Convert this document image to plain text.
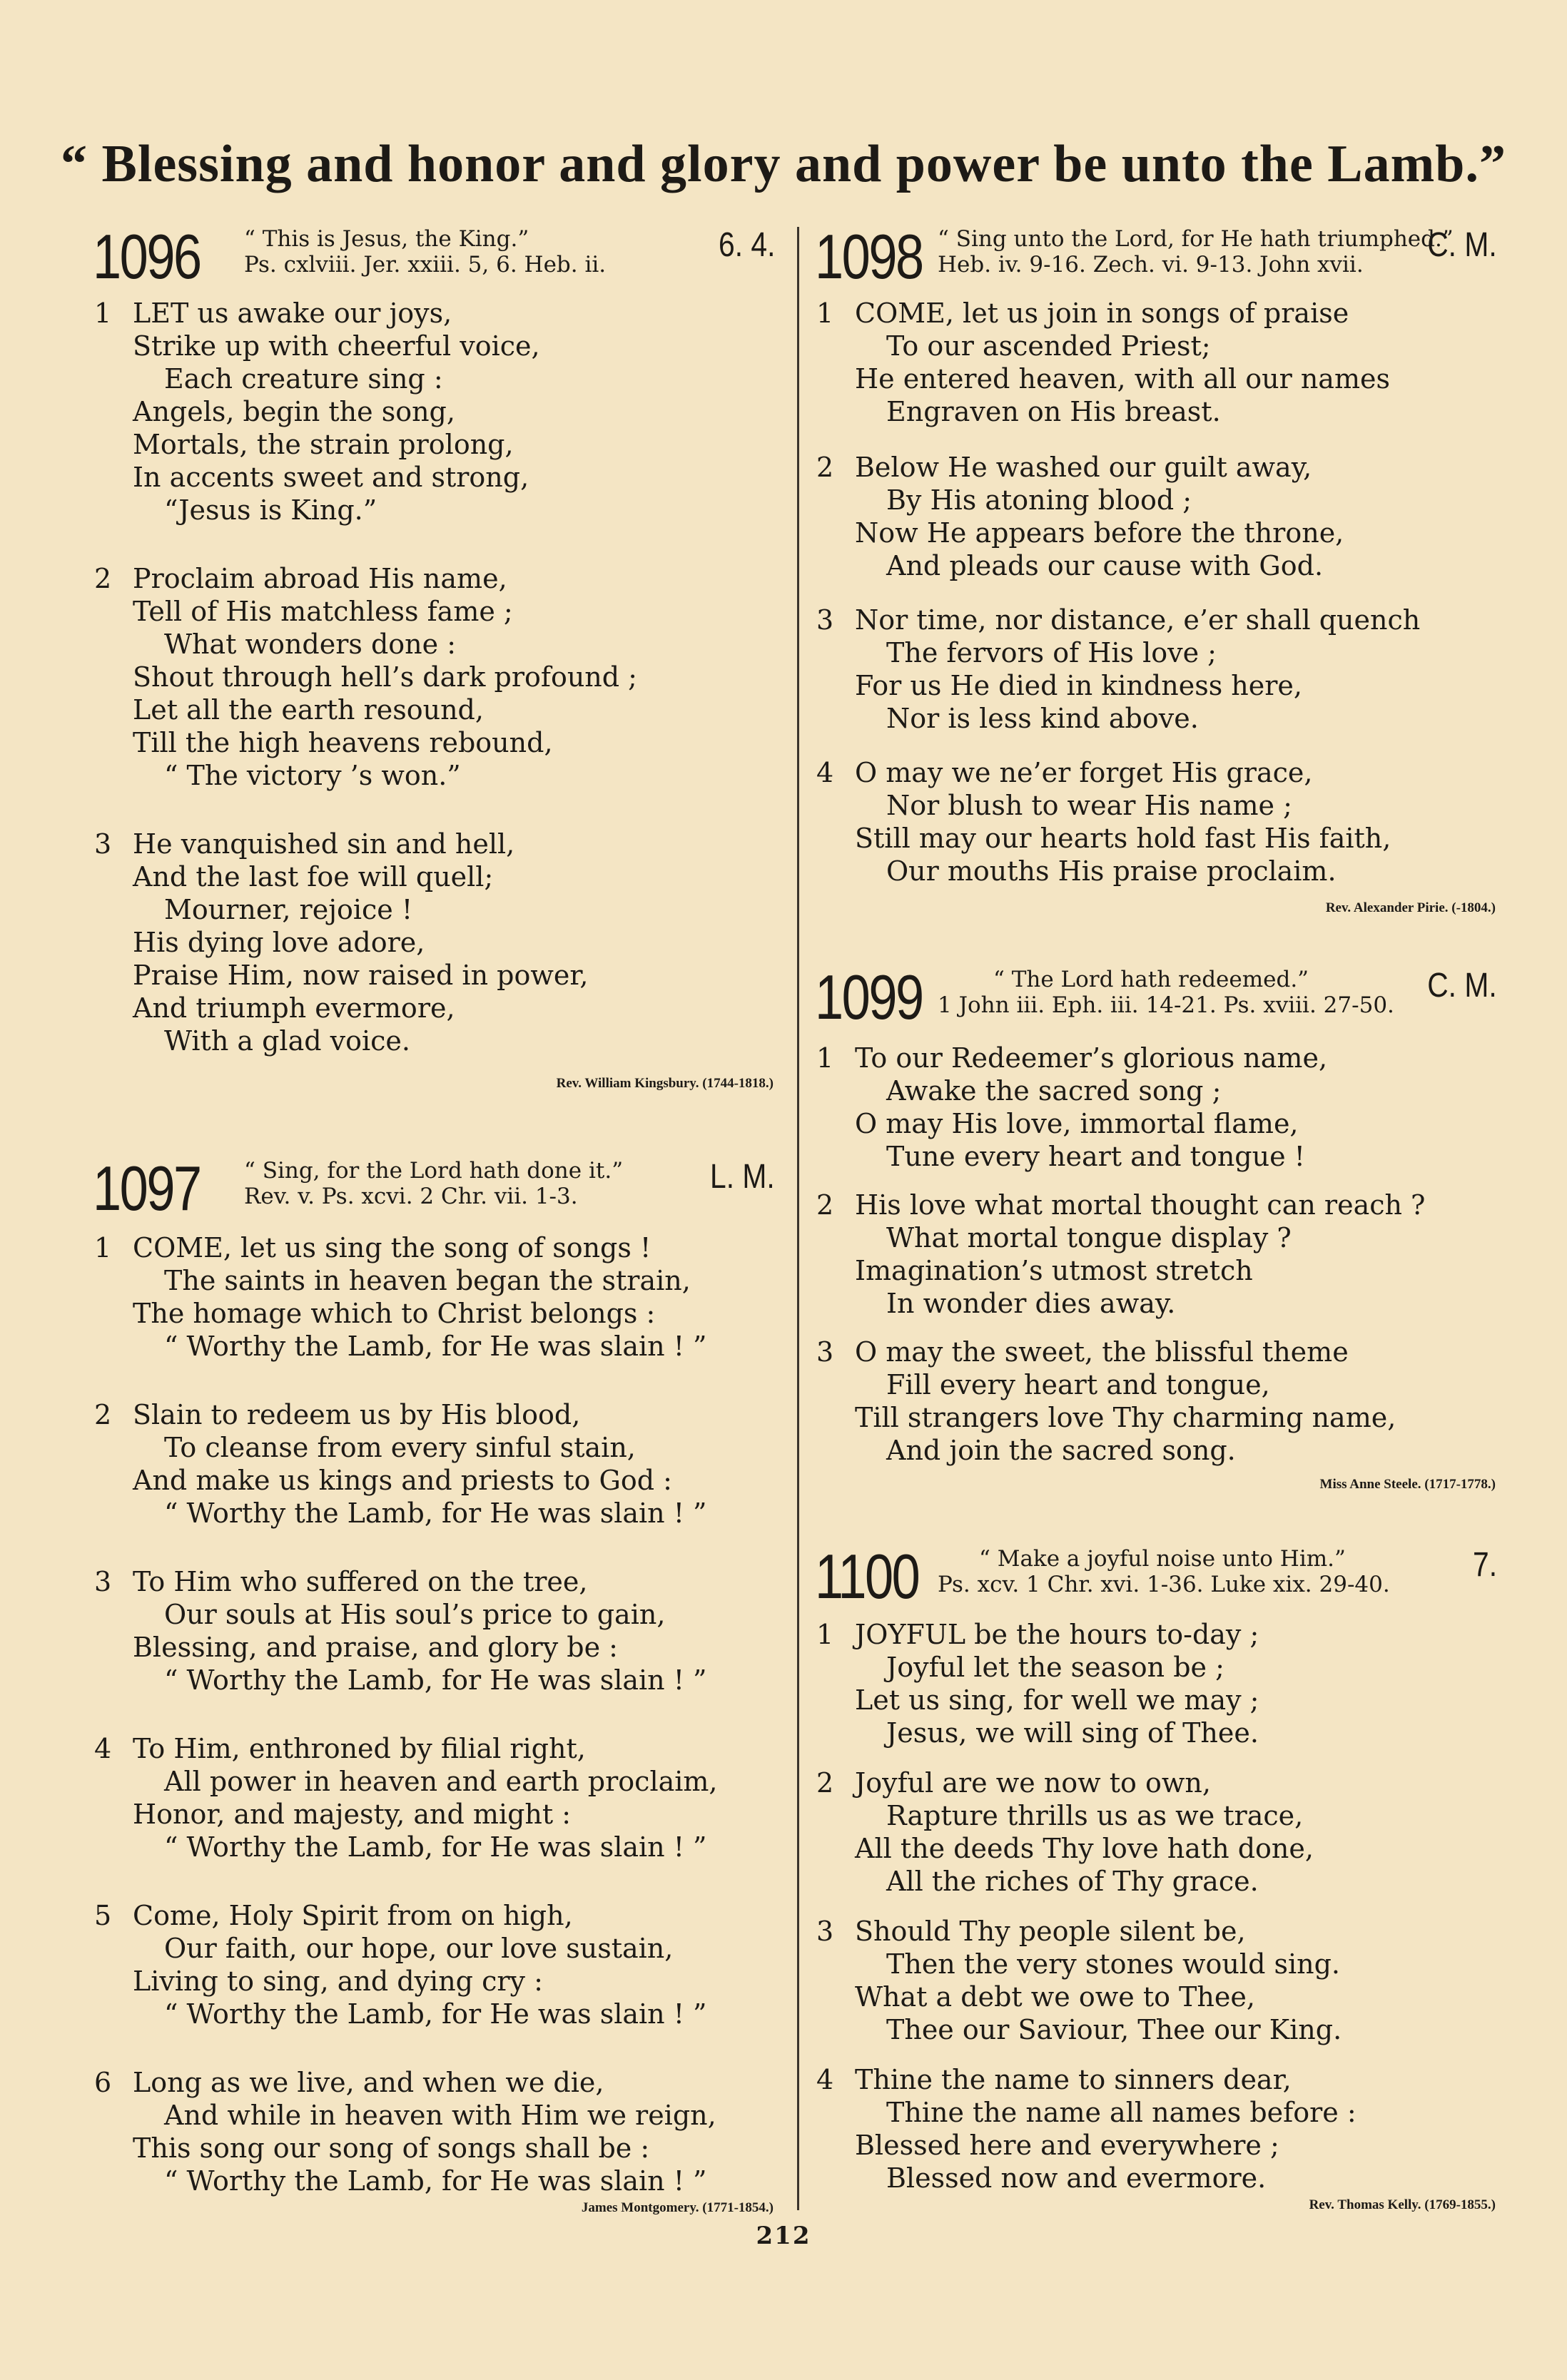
“ Blessing and honor and glory and power be unto the Lamb.”
1096 “ This is Jesus, the King.”
Ps. cxlviii. Jer. xxiii. 5, 6. Heb. ii.
6. 4.
1 LET us awake our joys,
Strike up with cheerful voice,
Each creature sing :
Angels, begin the song,
Mortals, the strain prolong,
In accents sweet and strong,
“Jesus is King.”
2 Proclaim abroad His name,
Tell of His matchless fame ;
What wonders done :
Shout through hell’s dark profound ;
Let all the earth resound,
Till the high heavens rebound,
“ The victory ’s won.”
3 He vanquished sin and hell,
And the last foe will quell;
Mourner, rejoice !
His dying love adore,
Praise Him, now raised in power,
And triumph evermore,
With a glad voice.
Rev. William Kingsbury. (1744-1818.)
1097 “ Sing, for the Lord hath done it.”
Rev. v. Ps. xcvi. 2 Chr. vii. 1-3.
L. M.
1 COME, let us sing the song of songs !
The saints in heaven began the strain,
The homage which to Christ belongs :
“ Worthy the Lamb, for He was slain ! ”
2 Slain to redeem us by His blood,
To cleanse from every sinful stain,
And make us kings and priests to God :
“ Worthy the Lamb, for He was slain ! ”
3 To Him who suffered on the tree,
Our souls at His soul’s price to gain,
Blessing, and praise, and glory be :
“ Worthy the Lamb, for He was slain ! ”
4 To Him, enthroned by filial right,
All power in heaven and earth proclaim,
Honor, and majesty, and might :
“ Worthy the Lamb, for He was slain ! ”
5 Come, Holy Spirit from on high,
Our faith, our hope, our love sustain,
Living to sing, and dying cry :
“ Worthy the Lamb, for He was slain ! ”
6 Long as we live, and when we die,
And while in heaven with Him we reign,
This song our song of songs shall be :
“ Worthy the Lamb, for He was slain ! ”
James Montgomery. (1771-1854.)
1098 “ Sing unto the Lord, for He hath triumphed.”
Heb. iv. 9-16. Zech. vi. 9-13. John xvii.
C. M.
1 COME, let us join in songs of praise
To our ascended Priest;
He entered heaven, with all our names
Engraven on His breast.
2 Below He washed our guilt away,
By His atoning blood ;
Now He appears before the throne,
And pleads our cause with God.
3 Nor time, nor distance, e’er shall quench
The fervors of His love ;
For us He died in kindness here,
Nor is less kind above.
4 O may we ne’er forget His grace,
Nor blush to wear His name ;
Still may our hearts hold fast His faith,
Our mouths His praise proclaim.
Rev. Alexander Pirie. (-1804.)
1099	“ The Lord hath redeemed.”
1 John iii. Eph. iii. 14-21. Ps. xviii. 27-50.
C. M.
1 To our Redeemer’s glorious name,
Awake the sacred song ;
O may His love, immortal flame,
Tune every heart and tongue !
2 His love what mortal thought can reach ?
What mortal tongue display ?
Imagination’s utmost stretch
In wonder dies away.
3 O may the sweet, the blissful theme
Fill every heart and tongue,
Till strangers love Thy charming name,
And join the sacred song.
Miss Anne Steele. (1717-1778.)
1100	“ Make a joyful noise unto Him.”
Ps. xcv. 1 Chr. xvi. 1-36. Luke xix. 29-40.
7.
1 JOYFUL be the hours to-day ;
Joyful let the season be ;
Let us sing, for well we may ;
Jesus, we will sing of Thee.
2 Joyful are we now to own,
Rapture thrills us as we trace,
All the deeds Thy love hath done,
All the riches of Thy grace.
3 Should Thy people silent be,
Then the very stones would sing.
What a debt we owe to Thee,
Thee our Saviour, Thee our King.
4 Thine the name to sinners dear,
Thine the name all names before :
Blessed here and everywhere ;
Blessed now and evermore.
Rev. Thomas Kelly. (1769-1855.)
212
